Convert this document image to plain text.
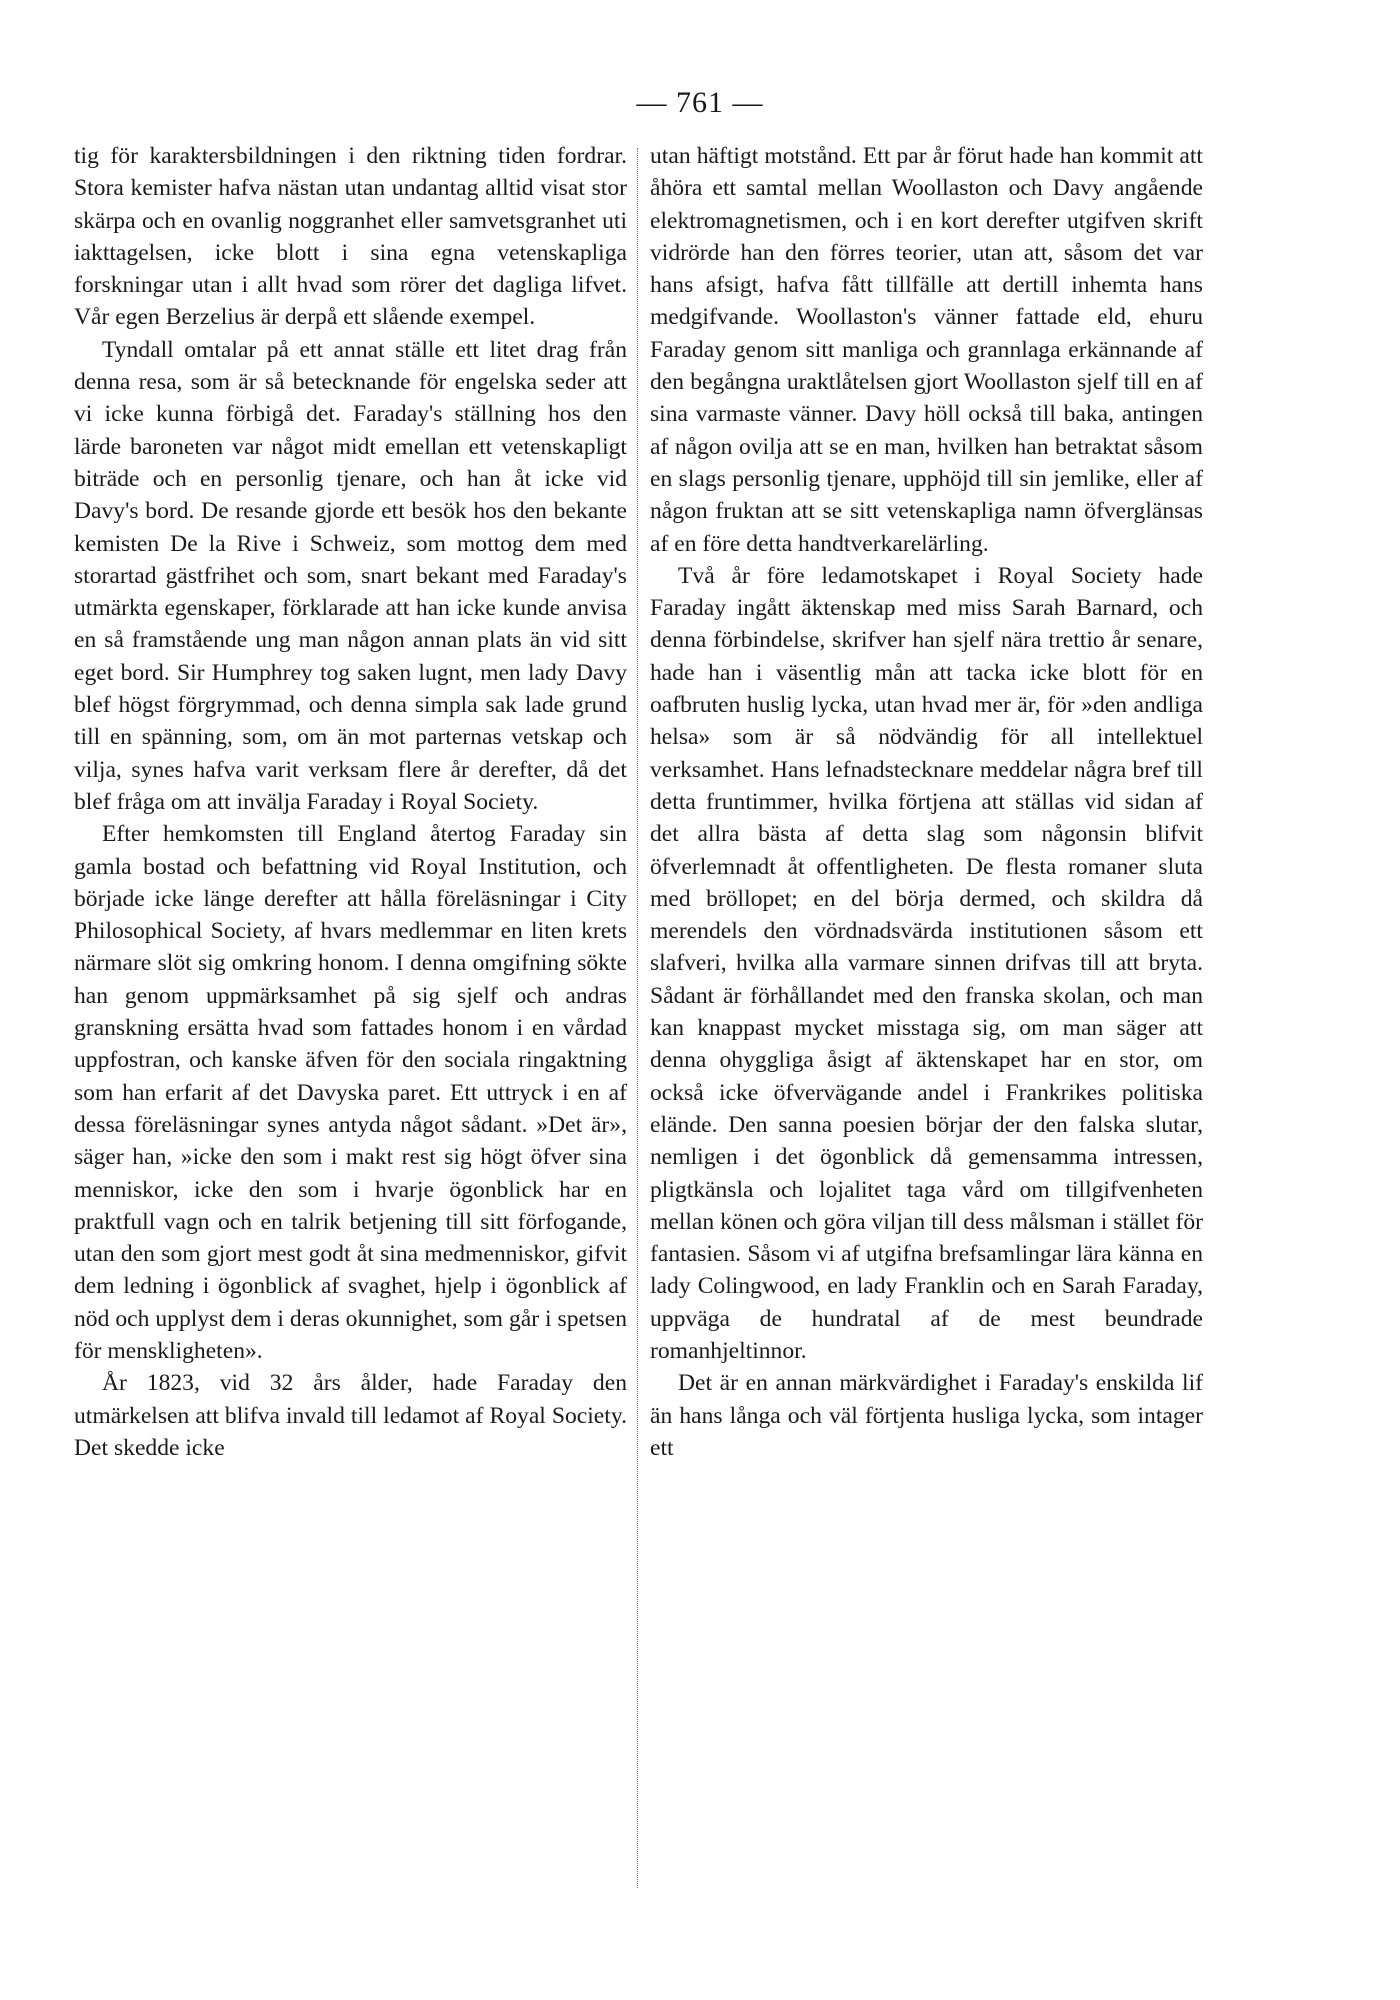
— 761 —

tig för karaktersbildningen i den riktning tiden fordrar. Stora kemister hafva nästan utan undantag alltid visat stor skärpa och en ovanlig noggranhet eller samvetsgranhet uti iakttagelsen, icke blott i sina egna vetenskapliga forskningar utan i allt hvad som rörer det dagliga lifvet. Vår egen Berzelius är derpå ett slående exempel.

Tyndall omtalar på ett annat ställe ett litet drag från denna resa, som är så betecknande för engelska seder att vi icke kunna förbigå det. Faraday's ställning hos den lärde baroneten var något midt emellan ett vetenskapligt biträde och en personlig tjenare, och han åt icke vid Davy's bord. De resande gjorde ett besök hos den bekante kemisten De la Rive i Schweiz, som mottog dem med storartad gästfrihet och som, snart bekant med Faraday's utmärkta egenskaper, förklarade att han icke kunde anvisa en så framstående ung man någon annan plats än vid sitt eget bord. Sir Humphrey tog saken lugnt, men lady Davy blef högst förgrymmad, och denna simpla sak lade grund till en spänning, som, om än mot parternas vetskap och vilja, synes hafva varit verksam flere år derefter, då det blef fråga om att invälja Faraday i Royal Society.

Efter hemkomsten till England återtog Faraday sin gamla bostad och befattning vid Royal Institution, och började icke länge derefter att hålla föreläsningar i City Philosophical Society, af hvars medlemmar en liten krets närmare slöt sig omkring honom. I denna omgifning sökte han genom uppmärksamhet på sig sjelf och andras granskning ersätta hvad som fattades honom i en vårdad uppfostran, och kanske äfven för den sociala ringaktning som han erfarit af det Davyska paret. Ett uttryck i en af dessa föreläsningar synes antyda något sådant. »Det är», säger han, »icke den som i makt rest sig högt öfver sina menniskor, icke den som i hvarje ögonblick har en praktfull vagn och en talrik betjening till sitt förfogande, utan den som gjort mest godt åt sina medmenniskor, gifvit dem ledning i ögonblick af svaghet, hjelp i ögonblick af nöd och upplyst dem i deras okunnighet, som går i spetsen för menskligheten».

År 1823, vid 32 års ålder, hade Faraday den utmärkelsen att blifva invald till ledamot af Royal Society. Det skedde icke

utan häftigt motstånd. Ett par år förut hade han kommit att åhöra ett samtal mellan Woollaston och Davy angående elektromagnetismen, och i en kort derefter utgifven skrift vidrörde han den förres teorier, utan att, såsom det var hans afsigt, hafva fått tillfälle att dertill inhemta hans medgifvande. Woollaston's vänner fattade eld, ehuru Faraday genom sitt manliga och grannlaga erkännande af den begångna uraktlåtelsen gjort Woollaston sjelf till en af sina varmaste vänner. Davy höll också till baka, antingen af någon ovilja att se en man, hvilken han betraktat såsom en slags personlig tjenare, upphöjd till sin jemlike, eller af någon fruktan att se sitt vetenskapliga namn öfverglänsas af en före detta handtverkarelärling.

Två år före ledamotskapet i Royal Society hade Faraday ingått äktenskap med miss Sarah Barnard, och denna förbindelse, skrifver han sjelf nära trettio år senare, hade han i väsentlig mån att tacka icke blott för en oafbruten huslig lycka, utan hvad mer är, för »den andliga helsa» som är så nödvändig för all intellektuel verksamhet. Hans lefnadstecknare meddelar några bref till detta fruntimmer, hvilka förtjena att ställas vid sidan af det allra bästa af detta slag som någonsin blifvit öfverlemnadt åt offentligheten. De flesta romaner sluta med bröllopet; en del börja dermed, och skildra då merendels den vördnadsvärda institutionen såsom ett slafveri, hvilka alla varmare sinnen drifvas till att bryta. Sådant är förhållandet med den franska skolan, och man kan knappast mycket misstaga sig, om man säger att denna ohyggliga åsigt af äktenskapet har en stor, om också icke öfvervägande andel i Frankrikes politiska elände. Den sanna poesien börjar der den falska slutar, nemligen i det ögonblick då gemensamma intressen, pligtkänsla och lojalitet taga vård om tillgifvenheten mellan könen och göra viljan till dess målsman i stället för fantasien. Såsom vi af utgifna brefsamlingar lära känna en lady Colingwood, en lady Franklin och en Sarah Faraday, uppväga de hundratal af de mest beundrade romanhjeltinnor.

Det är en annan märkvärdighet i Faraday's enskilda lif än hans långa och väl förtjenta husliga lycka, som intager ett
